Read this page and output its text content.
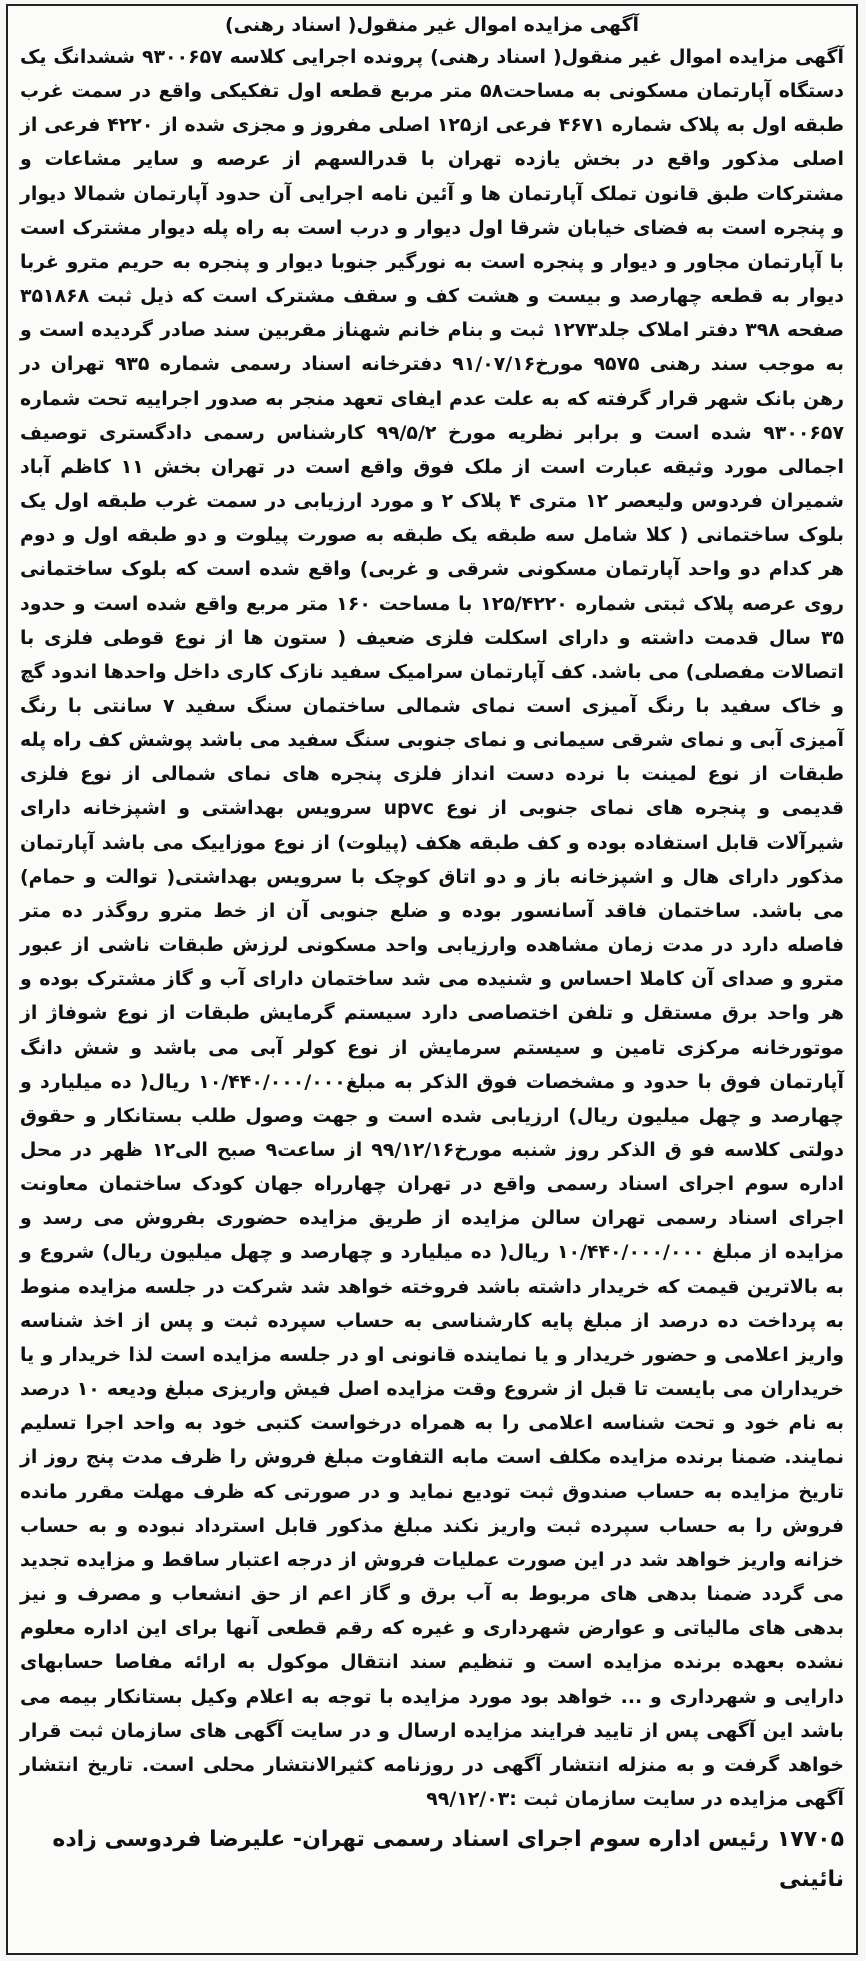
آگهی مزایده اموال غیر منقول( اسناد رهنی)

آگهی مزایده اموال غیر منقول( اسناد رهنی) پرونده اجرایی کلاسه ۹۳۰۰۶۵۷ ششدانگ یک دستگاه آپارتمان مسکونی به مساحت۵۸ متر مربع قطعه اول تفکیکی واقع در سمت غرب طبقه اول به پلاک شماره ۴۶۷۱ فرعی از۱۲۵ اصلی مفروز و مجزی شده از ۴۲۲۰ فرعی از اصلی مذکور واقع در بخش یازده تهران با قدرالسهم از عرصه و سایر مشاعات و مشترکات طبق قانون تملک آپارتمان ها و آئین نامه اجرایی آن حدود آپارتمان شمالا دیوار و پنجره است به فضای خیابان شرقا اول دیوار و درب است به راه پله دیوار مشترک است با آپارتمان مجاور و دیوار و پنجره است به نورگیر جنوبا دیوار و پنجره به حریم مترو غربا دیوار به قطعه چهارصد و بیست و هشت کف و سقف مشترک است که ذیل ثبت ۳۵۱۸۶۸ صفحه ۳۹۸ دفتر املاک جلد۱۲۷۳ ثبت و بنام خانم شهناز مقربین سند صادر گردیده است و به موجب سند رهنی ۹۵۷۵ مورخ۹۱/۰۷/۱۶ دفترخانه اسناد رسمی شماره ۹۳۵ تهران در رهن بانک شهر قرار گرفته که به علت عدم ایفای تعهد منجر به صدور اجراییه تحت شماره ۹۳۰۰۶۵۷ شده است و برابر نظریه مورخ ۹۹/۵/۲ کارشناس رسمی دادگستری توصیف اجمالی مورد وثیقه عبارت است از ملک فوق واقع است در تهران بخش ۱۱ کاظم آباد شمیران فردوس ولیعصر ۱۲ متری ۴ پلاک ۲ و مورد ارزیابی در سمت غرب طبقه اول یک بلوک ساختمانی ( کلا شامل سه طبقه یک طبقه به صورت پیلوت و دو طبقه اول و دوم هر کدام دو واحد آپارتمان مسکونی شرقی و غربی) واقع شده است که بلوک ساختمانی روی عرصه پلاک ثبتی شماره ۱۲۵/۴۲۲۰ با مساحت ۱۶۰ متر مربع واقع شده است و حدود ۳۵ سال قدمت داشته و دارای اسکلت فلزی ضعیف ( ستون ها از نوع قوطی فلزی با اتصالات مفصلی) می باشد. کف آپارتمان سرامیک سفید نازک کاری داخل واحدها اندود گچ و خاک سفید با رنگ آمیزی است نمای شمالی ساختمان سنگ سفید ۷ سانتی با رنگ آمیزی آبی و نمای شرقی سیمانی و نمای جنوبی سنگ سفید می باشد پوشش کف راه پله طبقات از نوع لمینت با نرده دست انداز فلزی پنجره های نمای شمالی از نوع فلزی قدیمی و پنجره های نمای جنوبی از نوع upvc سرویس بهداشتی و اشپزخانه دارای شیرآلات قابل استفاده بوده و کف طبقه هکف (پیلوت) از نوع موزاییک می باشد آپارتمان مذکور دارای هال و اشپزخانه باز و دو اتاق کوچک با سرویس بهداشتی( توالت و حمام) می باشد. ساختمان فاقد آسانسور بوده و ضلع جنوبی آن از خط مترو روگذر ده متر فاصله دارد در مدت زمان مشاهده وارزیابی واحد مسکونی لرزش طبقات ناشی از عبور مترو و صدای آن کاملا احساس و شنیده می شد ساختمان دارای آب و گاز مشترک بوده و هر واحد برق مستقل و تلفن اختصاصی دارد سیستم گرمایش طبقات از نوع شوفاژ از موتورخانه مرکزی تامین و سیستم سرمایش از نوع کولر آبی می باشد و شش دانگ آپارتمان فوق با حدود و مشخصات فوق الذکر به مبلغ۱۰/۴۴۰/۰۰۰/۰۰۰ ریال( ده میلیارد و چهارصد و چهل میلیون ریال) ارزیابی شده است و جهت وصول طلب بستانکار و حقوق دولتی کلاسه فو ق الذکر روز شنبه مورخ۹۹/۱۲/۱۶ از ساعت۹ صبح الی۱۲ ظهر در محل اداره سوم اجرای اسناد رسمی واقع در تهران چهارراه جهان کودک ساختمان معاونت اجرای اسناد رسمی تهران سالن مزایده از طریق مزایده حضوری بفروش می رسد و مزایده از مبلغ ۱۰/۴۴۰/۰۰۰/۰۰۰ ریال( ده میلیارد و چهارصد و چهل میلیون ریال) شروع و به بالاترین قیمت که خریدار داشته باشد فروخته خواهد شد شرکت در جلسه مزایده منوط به پرداخت ده درصد از مبلغ پایه کارشناسی به حساب سپرده ثبت و پس از اخذ شناسه واریز اعلامی و حضور خریدار و یا نماینده قانونی او در جلسه مزایده است لذا خریدار و یا خریداران می بایست تا قبل از شروع وقت مزایده اصل فیش واریزی مبلغ ودیعه ۱۰ درصد به نام خود و تحت شناسه اعلامی را به همراه درخواست کتبی خود به واحد اجرا تسلیم نمایند. ضمنا برنده مزایده مکلف است مابه التفاوت مبلغ فروش را ظرف مدت پنج روز از تاریخ مزایده به حساب صندوق ثبت تودیع نماید و در صورتی که ظرف مهلت مقرر مانده فروش را به حساب سپرده ثبت واریز نکند مبلغ مذکور قابل استرداد نبوده و به حساب خزانه واریز خواهد شد در این صورت عملیات فروش از درجه اعتبار ساقط و مزایده تجدید می گردد ضمنا بدهی های مربوط به آب برق و گاز اعم از حق انشعاب و مصرف و نیز بدهی های مالیاتی و عوارض شهرداری و غیره که رقم قطعی آنها برای این اداره معلوم نشده بعهده برنده مزایده است و تنظیم سند انتقال موکول به ارائه مفاصا حسابهای دارایی و شهرداری و ... خواهد بود مورد مزایده با توجه به اعلام وکیل بستانکار بیمه می باشد این آگهی پس از تایید فرایند مزایده ارسال و در سایت آگهی های سازمان ثبت قرار خواهد گرفت و به منزله انتشار آگهی در روزنامه کثیرالانتشار محلی است. تاریخ انتشار آگهی مزایده در سایت سازمان ثبت :۹۹/۱۲/۰۳

۱۷۷۰۵ رئیس اداره سوم اجرای اسناد رسمی تهران- علیرضا فردوسی زاده نائینی
